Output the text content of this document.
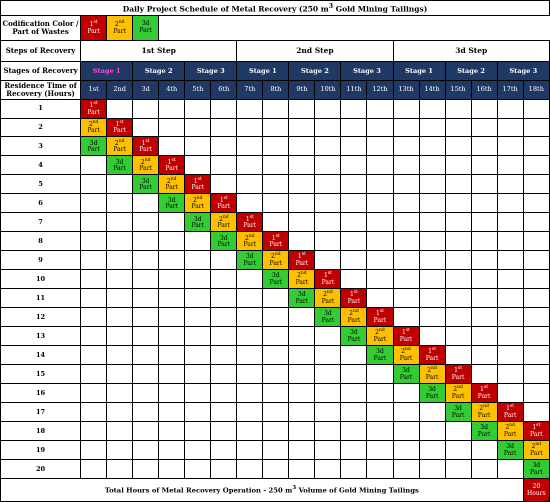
Daily Project Schedule of Metal Recovery (250 $m^3$ Gold Mining Tailings)																		
Codification Color / Part of Wastes	1st
Part	2nd
Part	3d
Part															
Steps of Recovery	1st Step						2nd Step						3d Step					
Stages of Recovery	Stage 1		Stage 2		Stage 3		Stage 1		Stage 2		Stage 3		Stage 1		Stage 2		Stage 3	
Residence Time of Recovery (Hours)	1st	2nd	3d	4th	5th	6th	7th	8th	9th	10th	11th	12th	13th	14th	15th	16th	17th	18th
1	1st
Part																	
2	2nd
Part	1st
Part																
3	3d
Part	2nd
Part	1st
Part															
4		3d
Part	2nd
Part	1st
Part														
5			3d
Part	2nd
Part	1st
Part													
6				3d
Part	2nd
Part	1st
Part												
7					3d
Part	2nd
Part	1st
Part											
8						3d
Part	2nd
Part	1st
Part										
9							3d
Part	2nd
Part	1st
Part									
10								3d
Part	2nd
Part	1st
Part								
11									3d
Part	2nd
Part	1st
Part							
12										3d
Part	2nd
Part	1st
Part						
13											3d
Part	2nd
Part	1st
Part					
14												3d
Part	2nd
Part	1st
Part				
15													3d
Part	2nd
Part	1st
Part			
16														3d
Part	2nd
Part	1st
Part		
17															3d
Part	2nd
Part	1st
Part	
18																3d
Part	2nd
Part	1st
Part
19																	3d
Part	2nd
Part
20																		3d
Part
Total Hours of Metal Recovery Operation - 250 $m^3$ Volume of Gold Mining Tailings																		20
Hours
